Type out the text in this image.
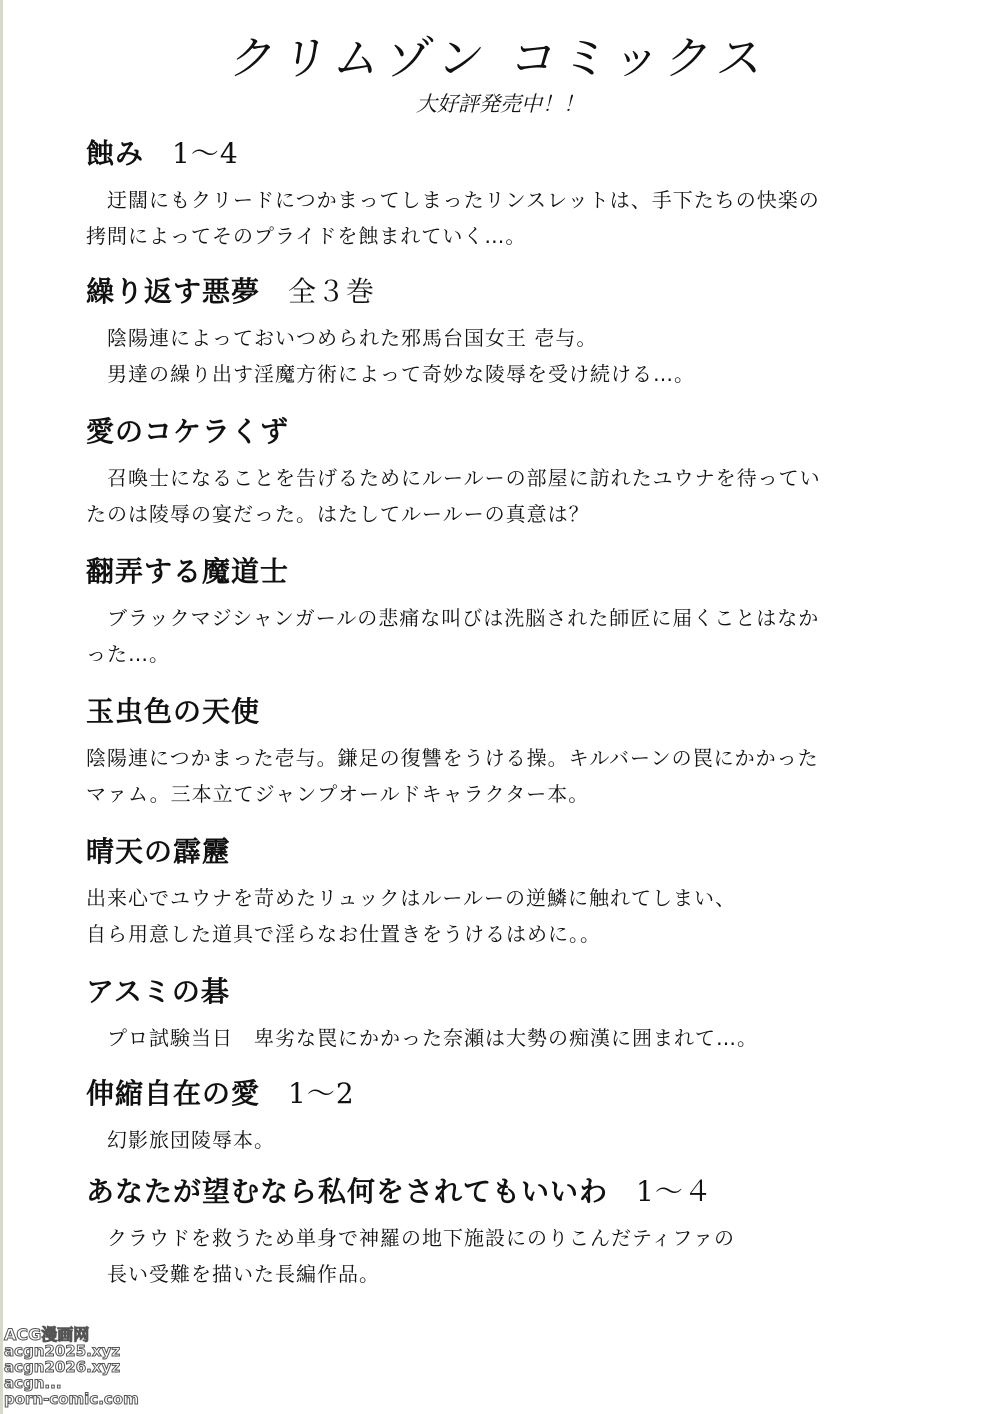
クリムゾン コミックス
大好評発売中！！
蝕み 1〜4
　迂闊にもクリードにつかまってしまったリンスレットは、手下たちの快楽の
拷問によってそのプライドを蝕まれていく…。
繰り返す悪夢 全３巻
　陰陽連によっておいつめられた邪馬台国女王 壱与。
　男達の繰り出す淫魔方術によって奇妙な陵辱を受け続ける…。
愛のコケラくず
　召喚士になることを告げるためにルールーの部屋に訪れたユウナを待ってい
たのは陵辱の宴だった。はたしてルールーの真意は？
翻弄する魔道士
　ブラックマジシャンガールの悲痛な叫びは洗脳された師匠に届くことはなか
った…。
玉虫色の天使
陰陽連につかまった壱与。鎌足の復讐をうける操。キルバーンの罠にかかった
マァム。三本立てジャンプオールドキャラクター本。
晴天の霹靂
出来心でユウナを苛めたリュックはルールーの逆鱗に触れてしまい、
自ら用意した道具で淫らなお仕置きをうけるはめに。。
アスミの碁
　プロ試験当日　卑劣な罠にかかった奈瀬は大勢の痴漢に囲まれて…。
伸縮自在の愛 1〜2
　幻影旅団陵辱本。
あなたが望むなら私何をされてもいいわ 1〜４
　クラウドを救うため単身で神羅の地下施設にのりこんだティファの
　長い受難を描いた長編作品。
ACG漫画网
acgn2025.xyz
acgn2026.xyz
acgn...
porn-comic.com
